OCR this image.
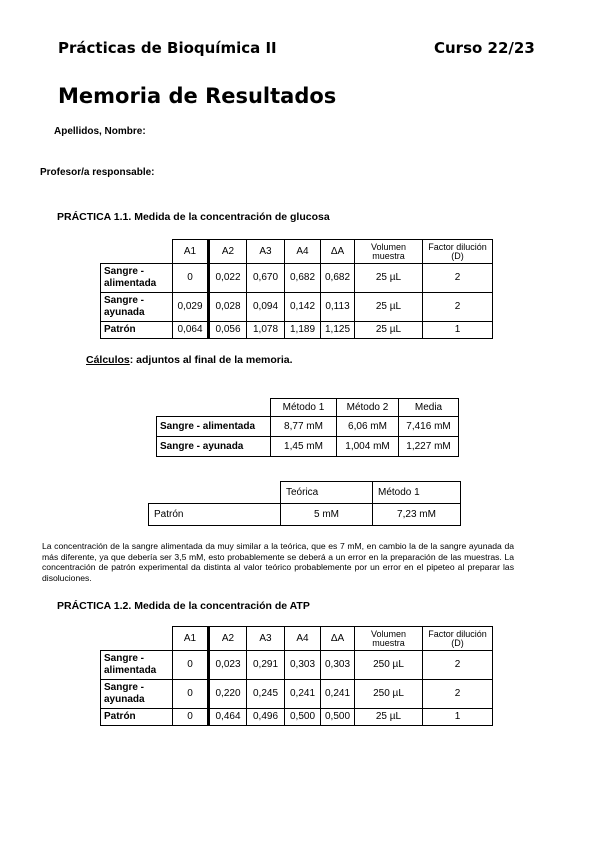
Prácticas de Bioquímica II	Curso 22/23
Memoria de Resultados
Apellidos, Nombre:
Profesor/a responsable:
PRÁCTICA 1.1. Medida de la concentración de glucosa
	A1	A2	A3	A4	ΔA	Volumen muestra	Factor dilución (D)
Sangre - alimentada	0	0,022	0,670	0,682	0,682	25 µL	2
Sangre - ayunada	0,029	0,028	0,094	0,142	0,113	25 µL	2
Patrón	0,064	0,056	1,078	1,189	1,125	25 µL	1
Cálculos: adjuntos al final de la memoria.
	Método 1	Método 2	Media
Sangre - alimentada	8,77 mM	6,06 mM	7,416 mM
Sangre - ayunada	1,45 mM	1,004 mM	1,227 mM
	Teórica	Método 1
Patrón	5 mM	7,23 mM
La concentración de la sangre alimentada da muy similar a la teórica, que es 7 mM, en cambio la de la sangre ayunada da más diferente, ya que debería ser 3,5 mM, esto probablemente se deberá a un error en la preparación de las muestras. La concentración de patrón experimental da distinta al valor teórico probablemente por un error en el pipeteo al preparar las disoluciones.
PRÁCTICA 1.2. Medida de la concentración de ATP
	A1	A2	A3	A4	ΔA	Volumen muestra	Factor dilución (D)
Sangre - alimentada	0	0,023	0,291	0,303	0,303	250 µL	2
Sangre - ayunada	0	0,220	0,245	0,241	0,241	250 µL	2
Patrón	0	0,464	0,496	0,500	0,500	25 µL	1
